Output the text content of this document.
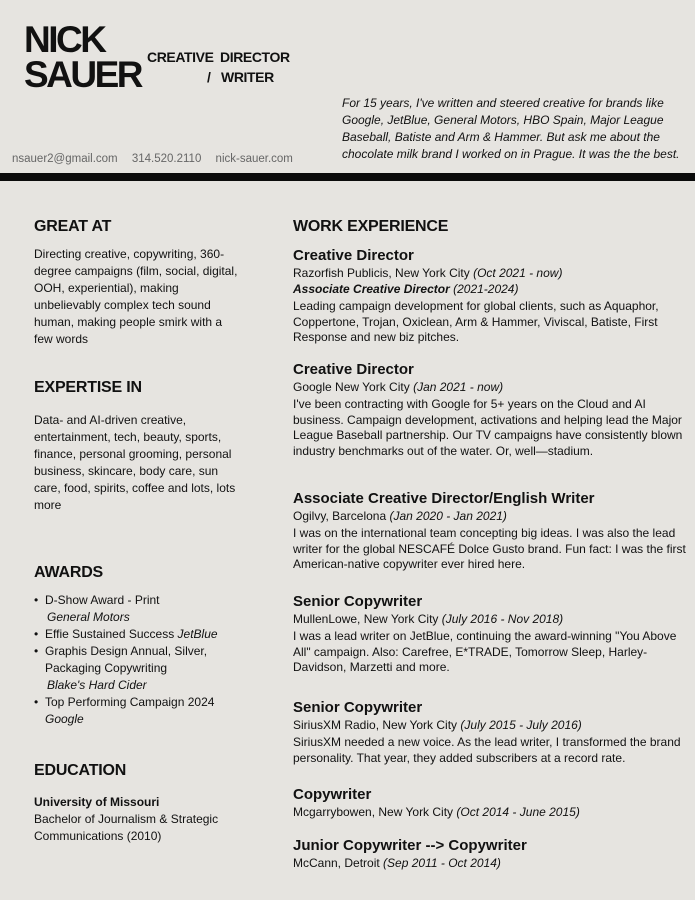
NICK
SAUER CREATIVE DIRECTOR

/ WRITER

For 15 years, I've written and steered creative for brands like Google, JetBlue, General Motors, HBO Spain, Major League Baseball, Batiste and Arm & Hammer. But ask me about the chocolate milk brand I worked on in Prague. It was the the best.

nsauer2@gmail.com 314.520.2110 nick-sauer.com
GREAT AT

Directing creative, copywriting, 360-degree campaigns (film, social, digital, OOH, experiential), making unbelievably complex tech sound human, making people smirk with a few words

EXPERTISE IN

Data- and AI-driven creative, entertainment, tech, beauty, sports, finance, personal grooming, personal business, skincare, body care, sun care, food, spirits, coffee and lots, lots more

AWARDS
• D-Show Award - Print
General Motors
• Effie Sustained Success JetBlue
• Graphis Design Annual, Silver, Packaging Copywriting
Blake's Hard Cider
• Top Performing Campaign 2024 Google
EDUCATION

University of Missouri

Bachelor of Journalism & Strategic Communications (2010)

WORK EXPERIENCE

Creative Director

Razorfish Publicis, New York City (Oct 2021 - now)

Associate Creative Director (2021-2024)

Leading campaign development for global clients, such as Aquaphor, Coppertone, Trojan, Oxiclean, Arm & Hammer, Viviscal, Batiste, First Response and new biz pitches.

Creative Director

Google New York City (Jan 2021 - now)

I've been contracting with Google for 5+ years on the Cloud and AI business. Campaign development, activations and helping lead the Major League Baseball partnership. Our TV campaigns have consistently blown industry benchmarks out of the water. Or, well—stadium.

Associate Creative Director/English Writer

Ogilvy, Barcelona (Jan 2020 - Jan 2021)

I was on the international team concepting big ideas. I was also the lead writer for the global NESCAFÉ Dolce Gusto brand. Fun fact: I was the first American-native copywriter ever hired here.

Senior Copywriter

MullenLowe, New York City (July 2016 - Nov 2018)

I was a lead writer on JetBlue, continuing the award-winning "You Above All" campaign. Also: Carefree, E*TRADE, Tomorrow Sleep, Harley-Davidson, Marzetti and more.

Senior Copywriter

SiriusXM Radio, New York City (July 2015 - July 2016)

SiriusXM needed a new voice. As the lead writer, I transformed the brand personality. That year, they added subscribers at a record rate.

Copywriter

Mcgarrybowen, New York City (Oct 2014 - June 2015)

Junior Copywriter --> Copywriter

McCann, Detroit (Sep 2011 - Oct 2014)
